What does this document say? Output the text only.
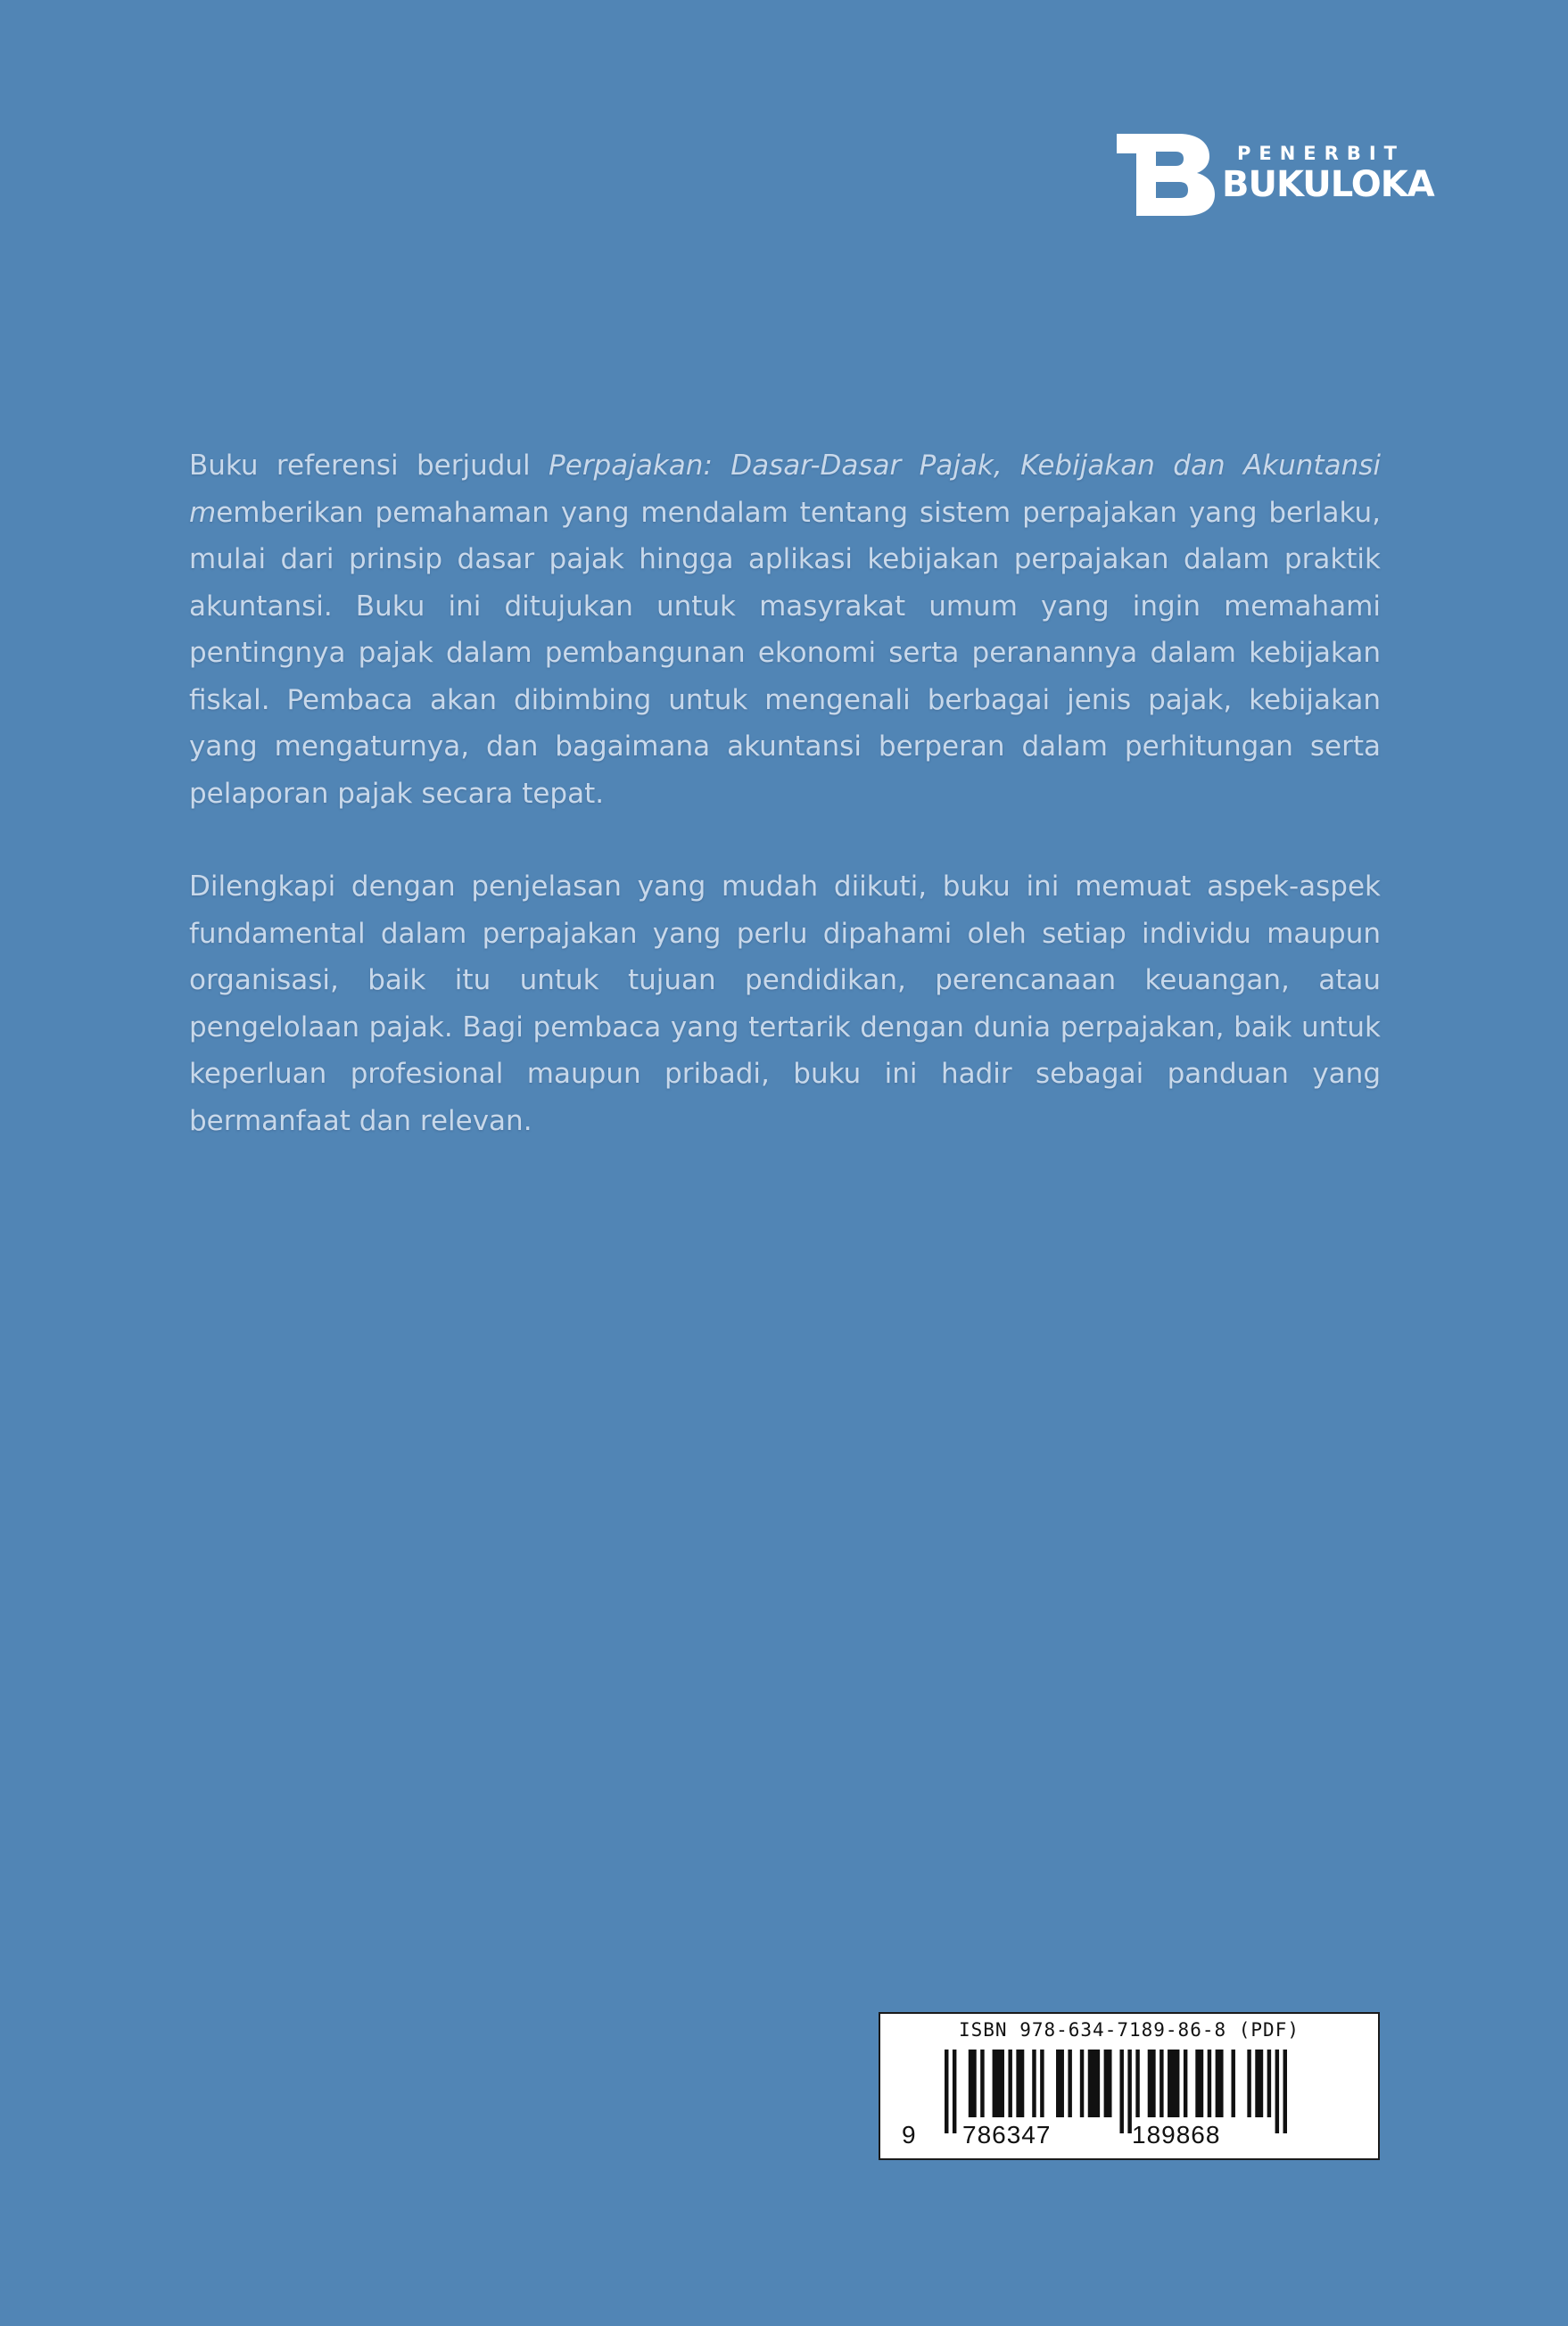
PENERBIT
BUKULOKA

Buku referensi berjudul Perpajakan: Dasar-Dasar Pajak, Kebijakan dan Akuntansi memberikan pemahaman yang mendalam tentang sistem perpajakan yang berlaku, mulai dari prinsip dasar pajak hingga aplikasi kebijakan perpajakan dalam praktik akuntansi. Buku ini ditujukan untuk masyrakat umum yang ingin memahami pentingnya pajak dalam pembangunan ekonomi serta peranannya dalam kebijakan fiskal. Pembaca akan dibimbing untuk mengenali berbagai jenis pajak, kebijakan yang mengaturnya, dan bagaimana akuntansi berperan dalam perhitungan serta pelaporan pajak secara tepat.

Dilengkapi dengan penjelasan yang mudah diikuti, buku ini memuat aspek-aspek fundamental dalam perpajakan yang perlu dipahami oleh setiap individu maupun organisasi, baik itu untuk tujuan pendidikan, perencanaan keuangan, atau pengelolaan pajak. Bagi pembaca yang tertarik dengan dunia perpajakan, baik untuk keperluan profesional maupun pribadi, buku ini hadir sebagai panduan yang bermanfaat dan relevan.

ISBN 978-634-7189-86-8 (PDF)
9 786347	189868
